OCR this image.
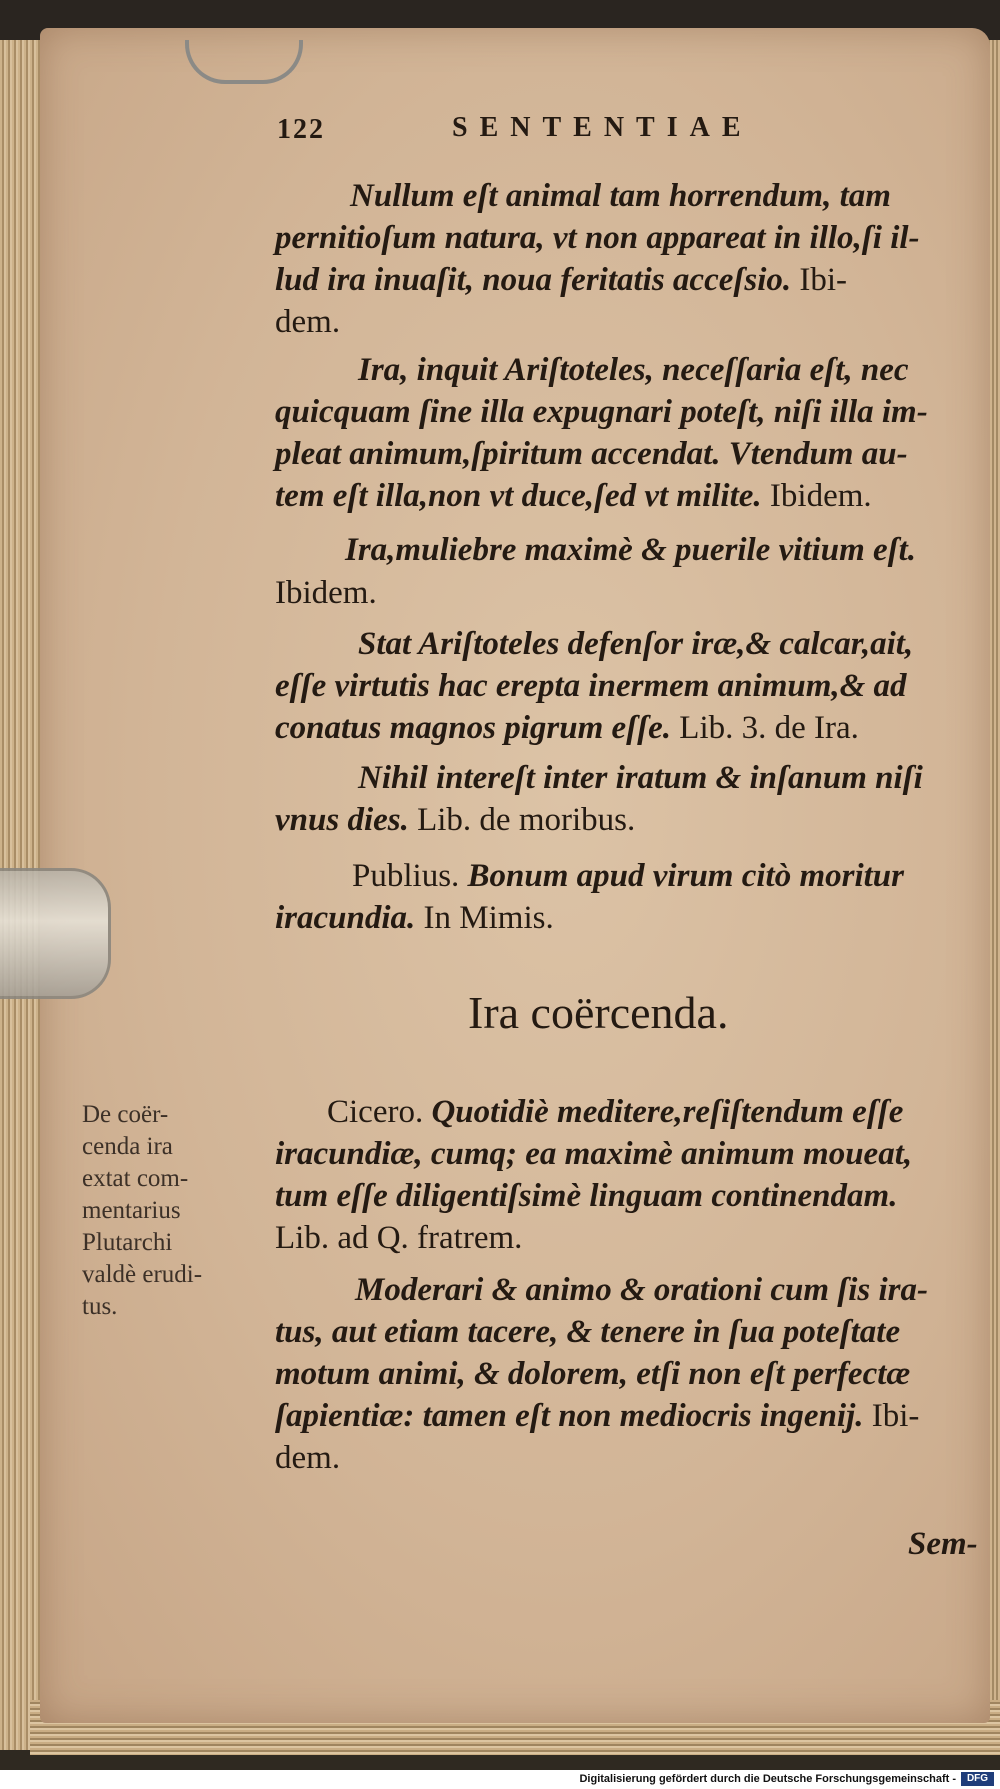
122	SENTENTIAE
Nullum eſt animal tam horrendum, tam
pernitioſum natura, vt non appareat in illo,ſi il-
lud ira inuaſit, noua feritatis acceſsio. Ibi-
dem.
Ira, inquit Ariſtoteles, neceſſaria eſt, nec
quicquam ſine illa expugnari poteſt, niſi illa im-
pleat animum,ſpiritum accendat. Vtendum au-
tem eſt illa,non vt duce,ſed vt milite. Ibidem.
Ira,muliebre maximè & puerile vitium eſt.
Ibidem.
Stat Ariſtoteles defenſor iræ,& calcar,ait,
eſſe virtutis hac erepta inermem animum,& ad
conatus magnos pigrum eſſe. Lib. 3. de Ira.
Nihil intereſt inter iratum & inſanum niſi
vnus dies. Lib. de moribus.
Publius. Bonum apud virum citò moritur
iracundia. In Mimis.
Cicero. Quotidiè meditere,reſiſtendum eſſe
iracundiæ, cumq; ea maximè animum moueat,
tum eſſe diligentiſsimè linguam continendam.
Lib. ad Q. fratrem.
Moderari & animo & orationi cum ſis ira-
tus, aut etiam tacere, & tenere in ſua poteſtate
motum animi, & dolorem, etſi non eſt perfectæ
ſapientiæ: tamen eſt non mediocris ingenij. Ibi-
dem.
Ira coërcenda.
De coër-
cenda ira
extat com-
mentarius
Plutarchi
valdè erudi-
tus.
Sem-
Digitalisierung gefördert durch die Deutsche Forschungsgemeinschaft -	DFG
